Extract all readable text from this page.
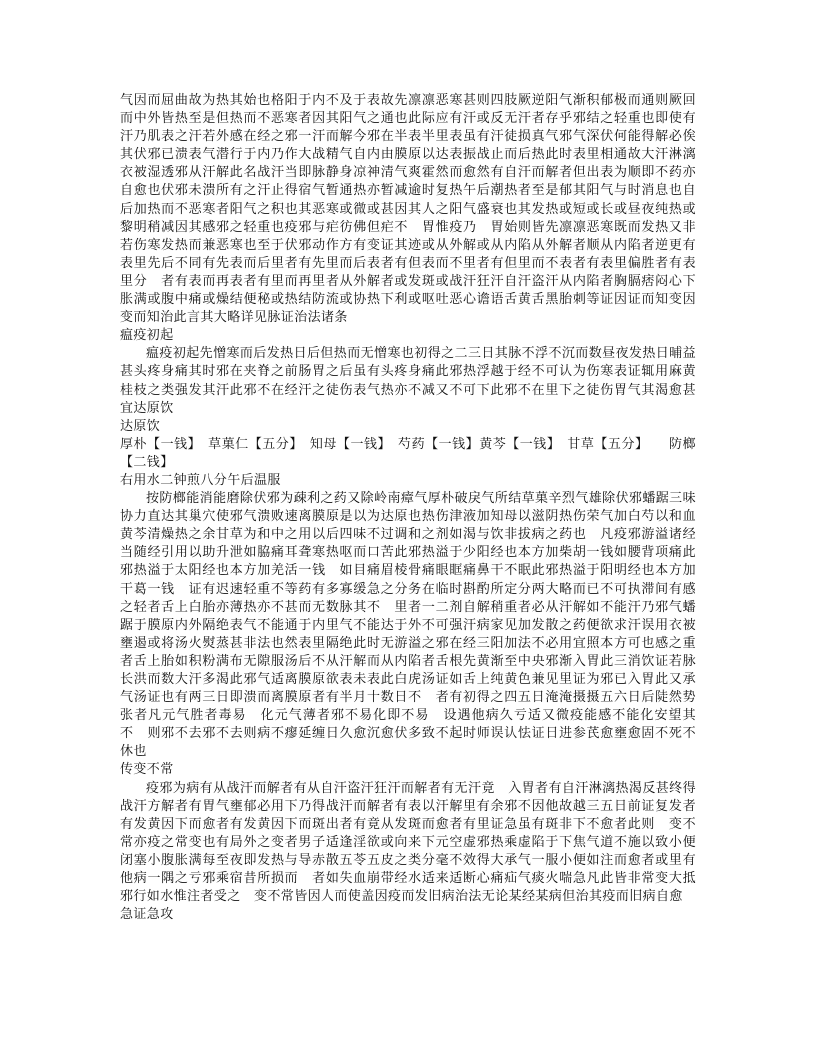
气因而屈曲故为热其始也格阳于内不及于表故先凛凛恶寒甚则四肢厥逆阳气渐积郁极而通则厥回而中外皆热至是但热而不恶寒者因其阳气之通也此际应有汗或反无汗者存乎邪结之轻重也即使有汗乃肌表之汗若外感在经之邪一汗而解今邪在半表半里表虽有汗徒损真气邪气深伏何能得解必俟其伏邪已溃表气潜行于内乃作大战精气自内由膜原以达表振战止而后热此时表里相通故大汗淋漓衣被湿透邪从汗解此名战汗当即脉静身凉神清气爽霍然而愈然有自汗而解者但出表为顺即不药亦自愈也伏邪未溃所有之汗止得宿气暂通热亦暂减逾时复热午后潮热者至是郁其阳气与时消息也自后加热而不恶寒者阳气之积也其恶寒或微或甚因其人之阳气盛衰也其发热或短或长或昼夜纯热或黎明稍减因其感邪之轻重也疫邪与疟彷佛但疟不　胃惟疫乃　胃始则皆先凛凛恶寒既而发热又非若伤寒发热而兼恶寒也至于伏邪动作方有变证其迹或从外解或从内陷从外解者顺从内陷者逆更有表里先后不同有先表而后里者有先里而后表者有但表而不里者有但里而不表者有表里偏胜者有表里分　者有表而再表者有里而再里者从外解者或发斑或战汗狂汗自汗盗汗从内陷者胸膈痞闷心下胀满或腹中痛或燥结便秘或热结防流或协热下利或呕吐恶心谵语舌黄舌黑胎刺等证因证而知变因变而知治此言其大略详见脉证治法诸条

瘟疫初起

瘟疫初起先憎寒而后发热日后但热而无憎寒也初得之二三日其脉不浮不沉而数昼夜发热日晡益甚头疼身痛其时邪在夹脊之前肠胃之后虽有头疼身痛此邪热浮越于经不可认为伤寒表证辄用麻黄桂枝之类强发其汗此邪不在经汗之徒伤表气热亦不减又不可下此邪不在里下之徒伤胃气其渴愈甚宜达原饮

达原饮

厚朴【一钱】　草菓仁【五分】　知母【一钱】　芍药【一钱】黄芩【一钱】　甘草【五分】　　防榔【二钱】

右用水二钟煎八分午后温服

按防榔能消能磨除伏邪为疎利之药又除岭南瘴气厚朴破戾气所结草菓辛烈气雄除伏邪蟠踞三味协力直达其巢穴使邪气溃败速离膜原是以为达原也热伤津液加知母以滋阴热伤荣气加白芍以和血黄芩清燥热之余甘草为和中之用以后四味不过调和之剂如渴与饮非拔病之药也　凡疫邪游溢诸经当随经引用以助升泄如脇痛耳聋寒热呕而口苦此邪热溢于少阳经也本方加柴胡一钱如腰背项痛此邪热溢于太阳经也本方加羌活一钱　如目痛眉棱骨痛眼眶痛鼻干不眠此邪热溢于阳明经也本方加干葛一钱　证有迟速轻重不等药有多寡缓急之分务在临时斟酌所定分两大略而已不可执滞间有感之轻者舌上白胎亦薄热亦不甚而无数脉其不　里者一二剂自解稍重者必从汗解如不能汗乃邪气蟠踞于膜原内外隔绝表气不能通于内里气不能达于外不可强汗病家见加发散之药便欲求汗误用衣被壅遏或将汤火熨蒸甚非法也然表里隔绝此时无游溢之邪在经三阳加法不必用宜照本方可也感之重者舌上胎如积粉满布无隙服汤后不从汗解而从内陷者舌根先黄渐至中央邪渐入胃此三消饮证若脉长洪而数大汗多渴此邪气适离膜原欲表未表此白虎汤证如舌上纯黄色兼见里证为邪已入胃此又承气汤证也有两三日即溃而离膜原者有半月十数日不　者有初得之四五日淹淹摄摄五六日后陡然势张者凡元气胜者毒易　化元气薄者邪不易化即不易　设遇他病久亏适又微疫能感不能化安望其　　不　则邪不去邪不去则病不瘳延缠日久愈沉愈伏多致不起时师误认怯证日进参芪愈壅愈固不死不休也

传变不常

疫邪为病有从战汗而解者有从自汗盗汗狂汗而解者有无汗竟　入胃者有自汗淋漓热渴反甚终得战汗方解者有胃气壅郁必用下乃得战汗而解者有表以汗解里有余邪不因他故越三五日前证复发者有发黄因下而愈者有发黄因下而斑出者有竟从发斑而愈者有里证急虽有斑非下不愈者此则　变不常亦疫之常变也有局外之变者男子适逢淫欲或向来下元空虚邪热乘虚陷于下焦气道不施以致小便闭塞小腹胀满每至夜即发热与导赤散五苓五皮之类分毫不效得大承气一服小便如注而愈者或里有他病一隅之亏邪乘宿昔所损而　者如失血崩带经水适来适断心痛疝气痰火喘急凡此皆非常变大抵邪行如水惟注者受之　变不常皆因人而使盖因疫而发旧病治法无论某经某病但治其疫而旧病自愈

急证急攻
